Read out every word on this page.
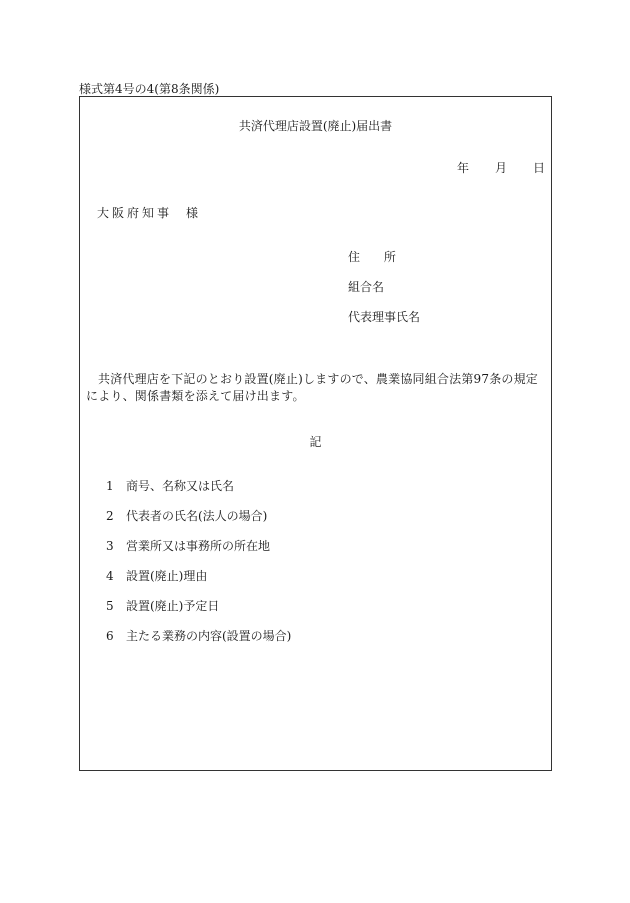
様式第4号の4(第8条関係)
共済代理店設置(廃止)届出書
年 月 日
大阪府知事 様
住 所
組合名
代表理事氏名
共済代理店を下記のとおり設置(廃止)しますので、農業協同組合法第97条の規定により、関係書類を添えて届け出ます。
記
1 商号、名称又は氏名
2 代表者の氏名(法人の場合)
3 営業所又は事務所の所在地
4 設置(廃止)理由
5 設置(廃止)予定日
6 主たる業務の内容(設置の場合)
